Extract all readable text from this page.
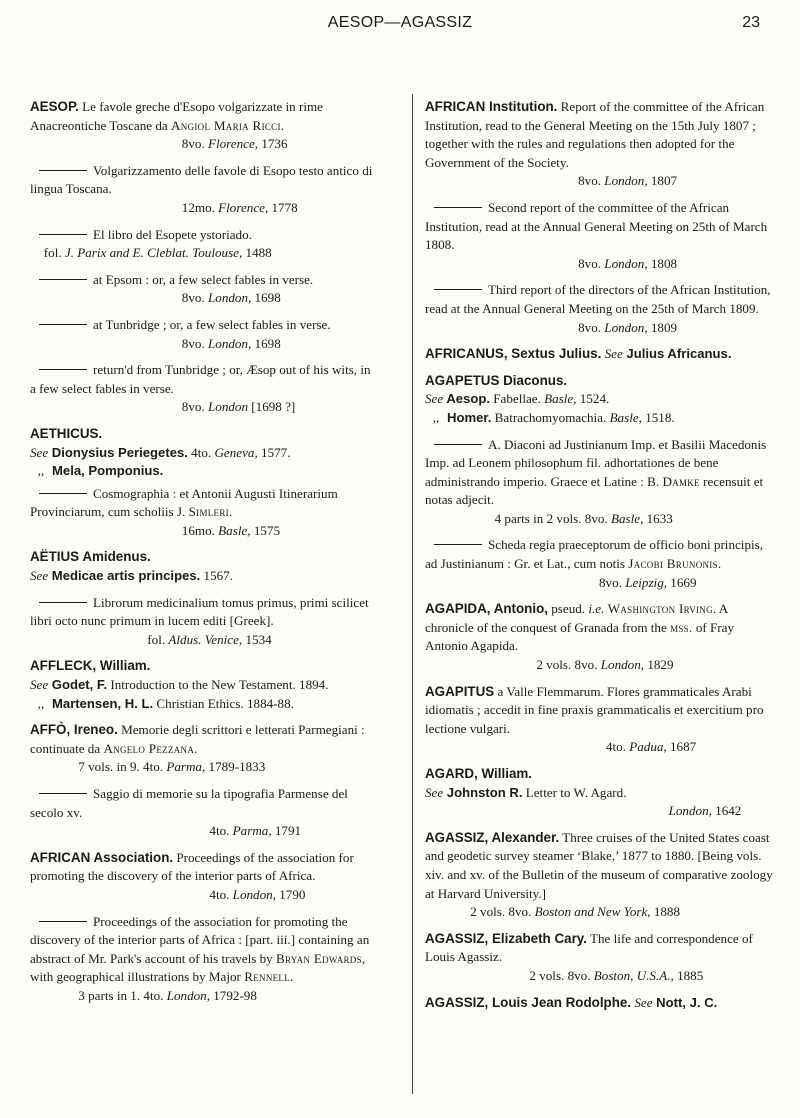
AESOP—AGASSIZ	23
AESOP. Le favole greche d'Esopo volgarizzate in rime Anacreontiche Toscane da Angiol Maria Ricci.
8vo. Florence, 1736
Volgarizzamento delle favole di Esopo testo antico di lingua Toscana.
12mo. Florence, 1778
El libro del Esopete ystoriado.
fol. J. Parix and E. Cleblat. Toulouse, 1488
at Epsom : or, a few select fables in verse.
8vo. London, 1698
at Tunbridge ; or, a few select fables in verse.
8vo. London, 1698
return'd from Tunbridge ; or, Æsop out of his wits, in a few select fables in verse.
8vo. London [1698 ?]
AETHICUS.
See Dionysius Periegetes. 4to. Geneva, 1577.
,, Mela, Pomponius.
Cosmographia : et Antonii Augusti Itinerarium Provinciarum, cum scholiis J. Simleri.
16mo. Basle, 1575
AËTIUS Amidenus.
See Medicae artis principes. 1567.
Librorum medicinalium tomus primus, primi scilicet libri octo nunc primum in lucem editi [Greek].
fol. Aldus. Venice, 1534
AFFLECK, William.
See Godet, F. Introduction to the New Testament. 1894.
,, Martensen, H. L. Christian Ethics. 1884-88.
AFFÒ, Ireneo. Memorie degli scrittori e letterati Parmegiani : continuate da Angelo Pezzana.
7 vols. in 9. 4to. Parma, 1789-1833
Saggio di memorie su la tipografia Parmense del secolo xv.
4to. Parma, 1791
AFRICAN Association. Proceedings of the association for promoting the discovery of the interior parts of Africa.
4to. London, 1790
Proceedings of the association for promoting the discovery of the interior parts of Africa : [part. iii.] containing an abstract of Mr. Park's account of his travels by Bryan Edwards, with geographical illustrations by Major Rennell.
3 parts in 1. 4to. London, 1792-98
AFRICAN Institution. Report of the committee of the African Institution, read to the General Meeting on the 15th July 1807 ; together with the rules and regulations then adopted for the Government of the Society.
8vo. London, 1807
Second report of the committee of the African Institution, read at the Annual General Meeting on 25th of March 1808.
8vo. London, 1808
Third report of the directors of the African Institution, read at the Annual General Meeting on the 25th of March 1809.
8vo. London, 1809
AFRICANUS, Sextus Julius. See Julius Africanus.
AGAPETUS Diaconus.
See Aesop. Fabellae. Basle, 1524.
,, Homer. Batrachomyomachia. Basle, 1518.
A. Diaconi ad Justinianum Imp. et Basilii Macedonis Imp. ad Leonem philosophum fil. adhortationes de bene administrando imperio. Graece et Latine : B. Damke recensuit et notas adjecit.
4 parts in 2 vols. 8vo. Basle, 1633
Scheda regia praeceptorum de officio boni principis, ad Justinianum : Gr. et Lat., cum notis Jacobi Brunonis.
8vo. Leipzig, 1669
AGAPIDA, Antonio, pseud. i.e. Washington Irving. A chronicle of the conquest of Granada from the mss. of Fray Antonio Agapida.
2 vols. 8vo. London, 1829
AGAPITUS a Valle Flemmarum. Flores grammaticales Arabi idiomatis ; accedit in fine praxis grammaticalis et exercitium pro lectione vulgari.
4to. Padua, 1687
AGARD, William.
See Johnston R. Letter to W. Agard.
London, 1642
AGASSIZ, Alexander. Three cruises of the United States coast and geodetic survey steamer ‘Blake,’ 1877 to 1880. [Being vols. xiv. and xv. of the Bulletin of the museum of comparative zoology at Harvard University.]
2 vols. 8vo. Boston and New York, 1888
AGASSIZ, Elizabeth Cary. The life and correspondence of Louis Agassiz.
2 vols. 8vo. Boston, U.S.A., 1885
AGASSIZ, Louis Jean Rodolphe. See Nott, J. C.
